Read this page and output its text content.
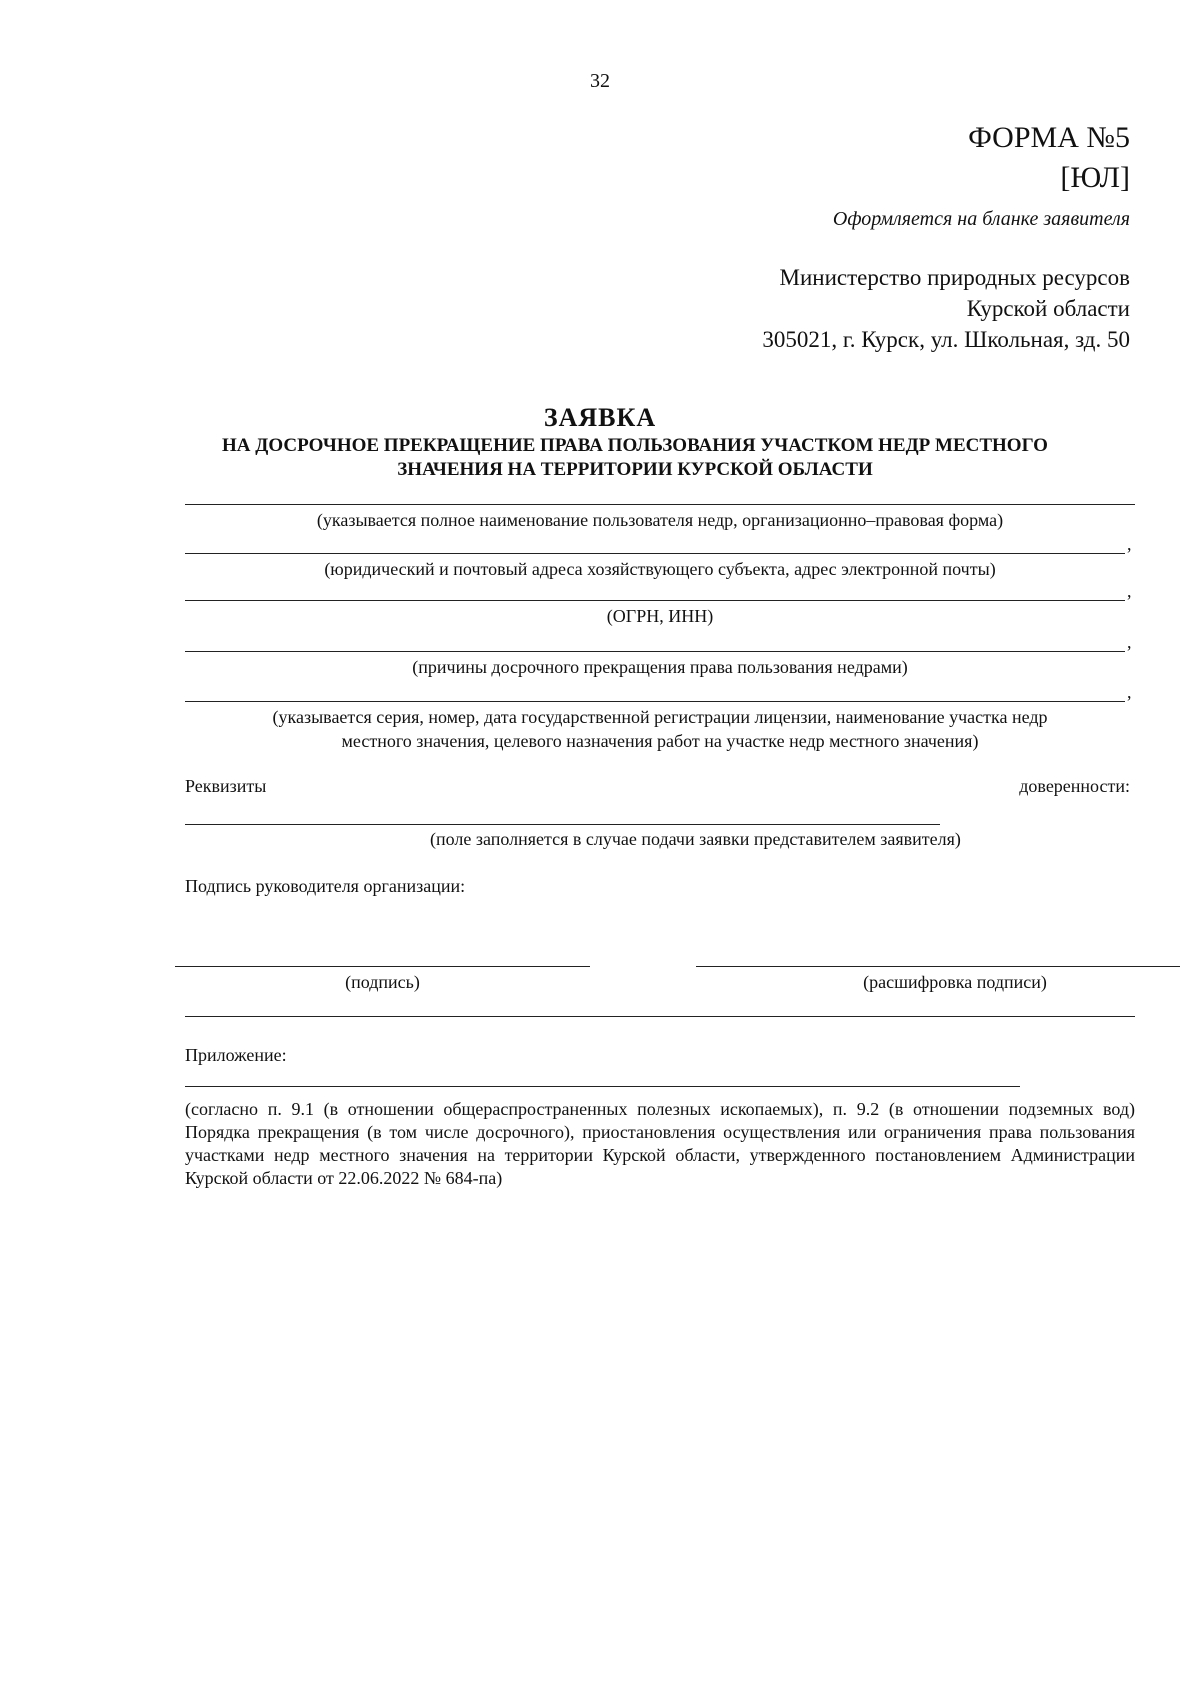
32
ФОРМА №5
[ЮЛ]
Оформляется на бланке заявителя
Министерство природных ресурсов
Курской области
305021, г. Курск, ул. Школьная, зд. 50
ЗАЯВКА
НА ДОСРОЧНОЕ ПРЕКРАЩЕНИЕ ПРАВА ПОЛЬЗОВАНИЯ УЧАСТКОМ НЕДР МЕСТНОГО
ЗНАЧЕНИЯ НА ТЕРРИТОРИИ КУРСКОЙ ОБЛАСТИ
(указывается полное наименование пользователя недр, организационно–правовая форма)
,
(юридический и почтовый адреса хозяйствующего субъекта, адрес электронной почты)
,
(ОГРН, ИНН)
,
(причины досрочного прекращения права пользования недрами)
,
(указывается серия, номер, дата государственной регистрации лицензии, наименование участка недр
местного значения, целевого назначения работ на участке недр местного значения)
Реквизиты	доверенности:
(поле заполняется в случае подачи заявки представителем заявителя)
Подпись руководителя организации:
(подпись)	(расшифровка подписи)
Приложение:
(согласно п. 9.1 (в отношении общераспространенных полезных ископаемых), п. 9.2 (в отношении подземных вод) Порядка прекращения (в том числе досрочного), приостановления осуществления или ограничения права пользования участками недр местного значения на территории Курской области, утвержденного постановлением Администрации Курской области от 22.06.2022 № 684-па)
